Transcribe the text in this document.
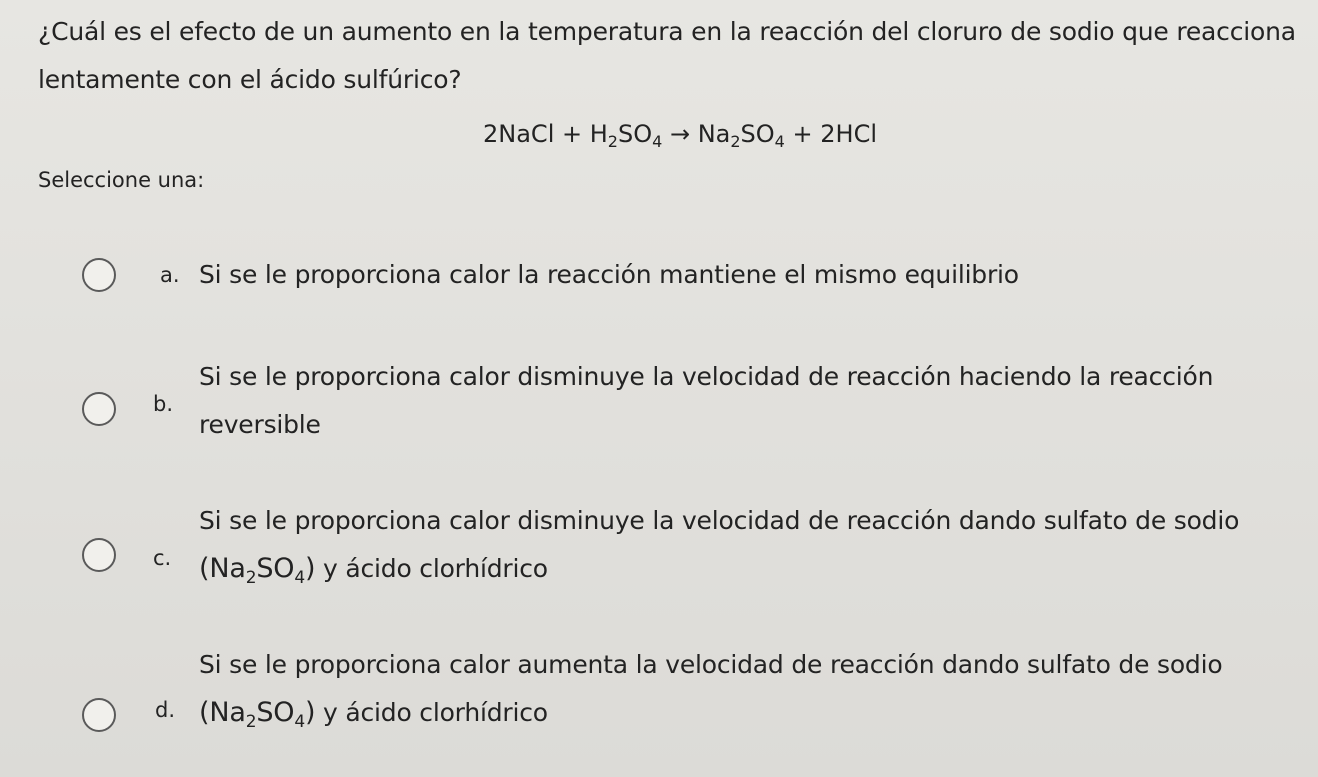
¿Cuál es el efecto de un aumento en la temperatura en la reacción del cloruro de sodio que reacciona lentamente con el ácido sulfúrico?
2NaCl + $H_2SO_4 \to Na_2SO_4 + 2HCl$
Seleccione una:
a. Si se le proporciona calor la reacción mantiene el mismo equilibrio
b.
Si se le proporciona calor disminuye la velocidad de reacción haciendo la reacción reversible
c.
Si se le proporciona calor disminuye la velocidad de reacción dando sulfato de sodio $(Na_2SO_4)$ y ácido clorhídrico
d.
Si se le proporciona calor aumenta la velocidad de reacción dando sulfato de sodio $(Na_2SO_4)$ y ácido clorhídrico
